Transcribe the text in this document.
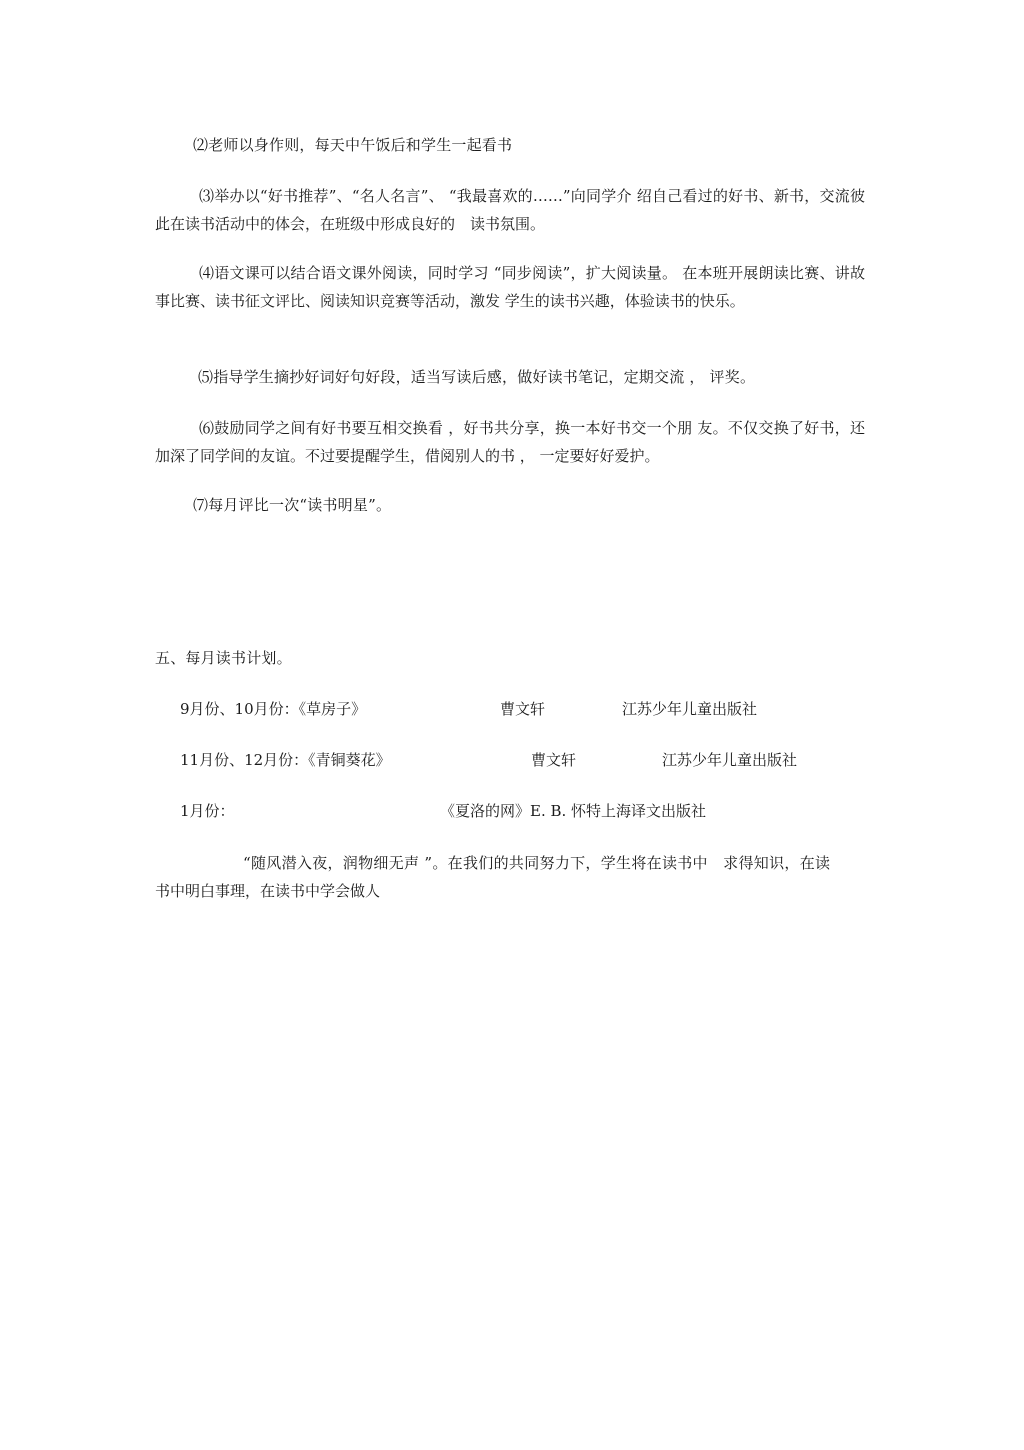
⑵老师以身作则，每天中午饭后和学生一起看书
⑶举办以“好书推荐”、“名人名言”、 “我最喜欢的……”向同学介 绍自己看过的好书、新书，交流彼此在读书活动中的体会，在班级中形成良好的　读书氛围。
⑷语文课可以结合语文课外阅读，同时学习 “同步阅读”，扩大阅读量。 在本班开展朗读比赛、讲故事比赛、读书征文评比、阅读知识竞赛等活动，激发 学生的读书兴趣，体验读书的快乐。
⑸指导学生摘抄好词好句好段，适当写读后感，做好读书笔记，定期交流 ， 评奖。
⑹鼓励同学之间有好书要互相交换看 ，好书共分享，换一本好书交一个朋 友。不仅交换了好书，还加深了同学间的友谊。不过要提醒学生，借阅别人的书 ， 一定要好好爱护。
⑺每月评比一次“读书明星”。
五、每月读书计划。
9月份、10月份：《草房子》	曹文轩	江苏少年儿童出版社
11月份、12月份：《青铜葵花》	曹文轩	江苏少年儿童出版社
1月份：	《夏洛的网》E. B. 怀特上海译文出版社
“随风潜入夜，润物细无声 ”。在我们的共同努力下，学生将在读书中　求得知识，在读书中明白事理，在读书中学会做人
